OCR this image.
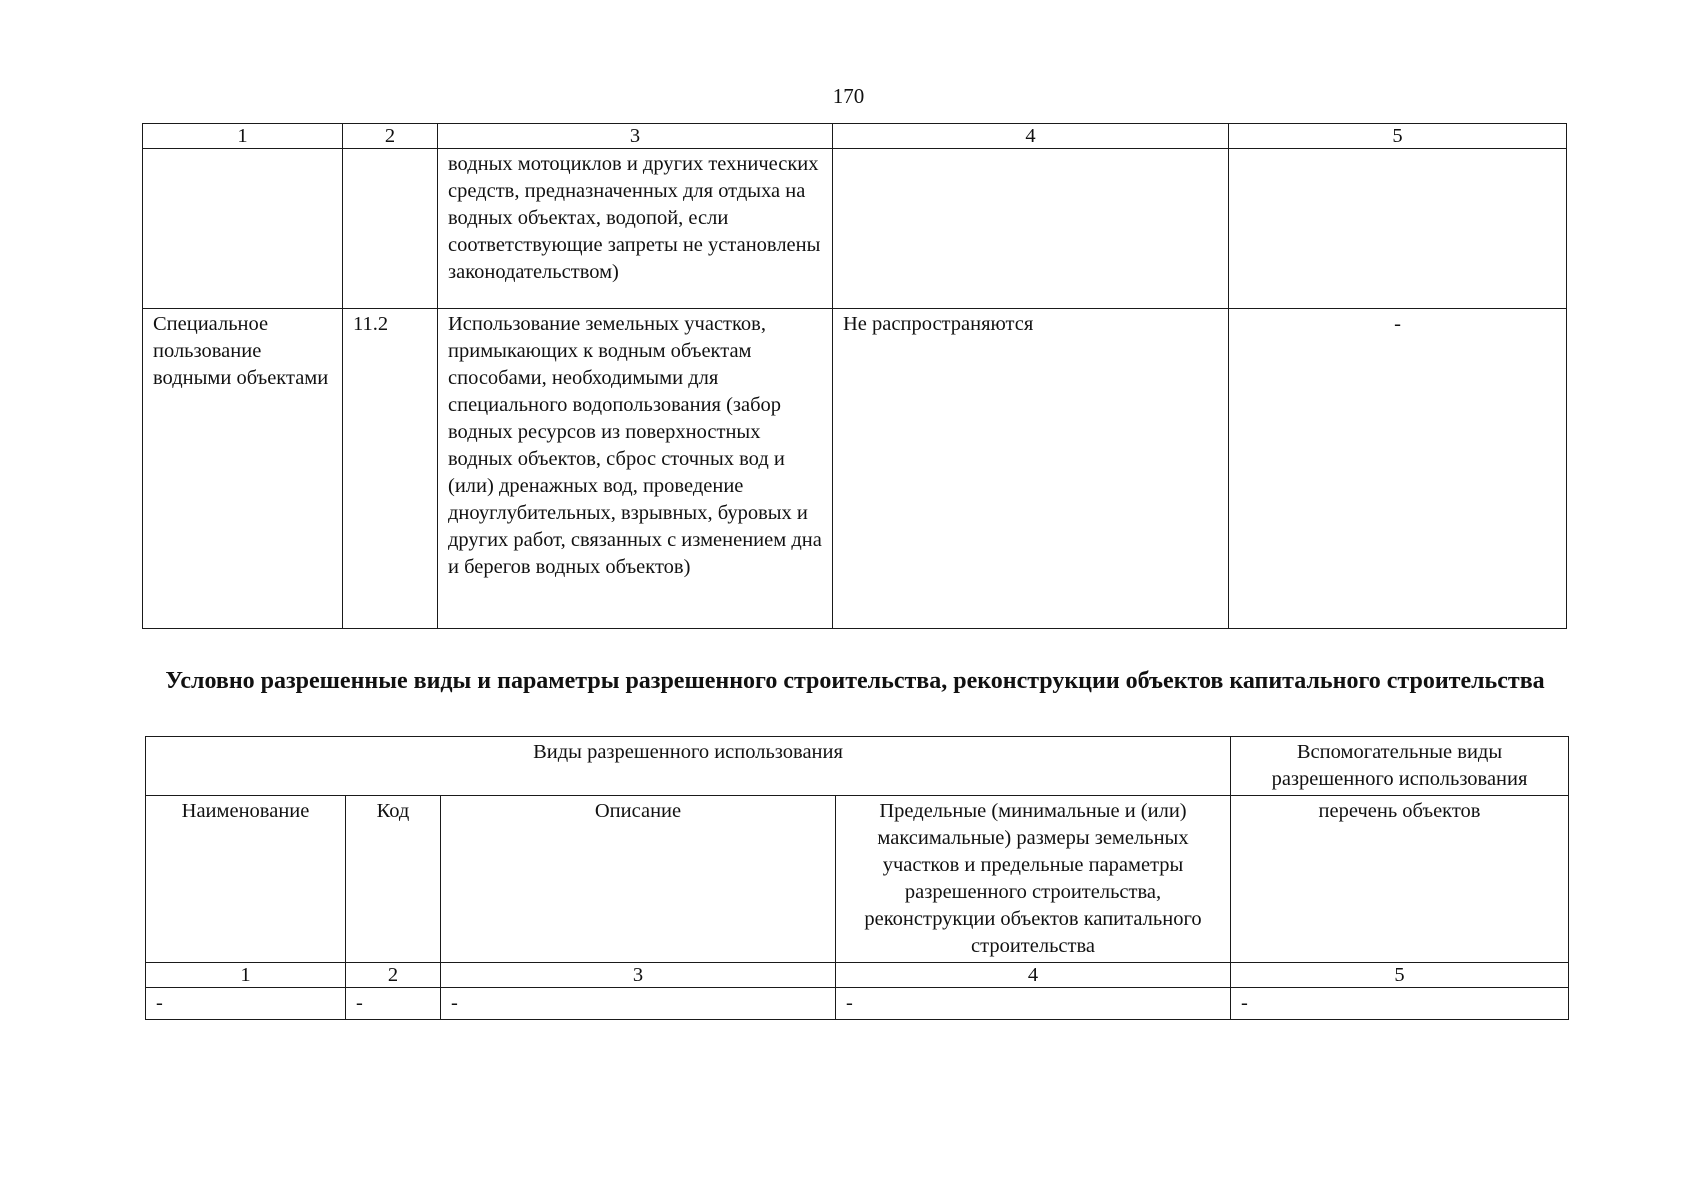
170
1	2	3	4	5
		водных мотоциклов и других технических средств, предназначенных для отдыха на водных объектах, водопой, если соответствующие запреты не установлены законодательством)		
Специальное пользование водными объектами	11.2	Использование земельных участков, примыкающих к водным объектам способами, необходимыми для специального водопользования (забор водных ресурсов из поверхностных водных объектов, сброс сточных вод и (или) дренажных вод, проведение дноуглубительных, взрывных, буровых и других работ, связанных с изменением дна и берегов водных объектов)	Не распространяются	-
Условно разрешенные виды и параметры разрешенного строительства, реконструкции объектов капитального строительства
Виды разрешенного использования				Вспомогательные виды разрешенного использования
Наименование	Код	Описание	Предельные (минимальные и (или) максимальные) размеры земельных участков и предельные параметры разрешенного строительства, реконструкции объектов капитального строительства	перечень объектов
1	2	3	4	5
-	-	-	-	-
